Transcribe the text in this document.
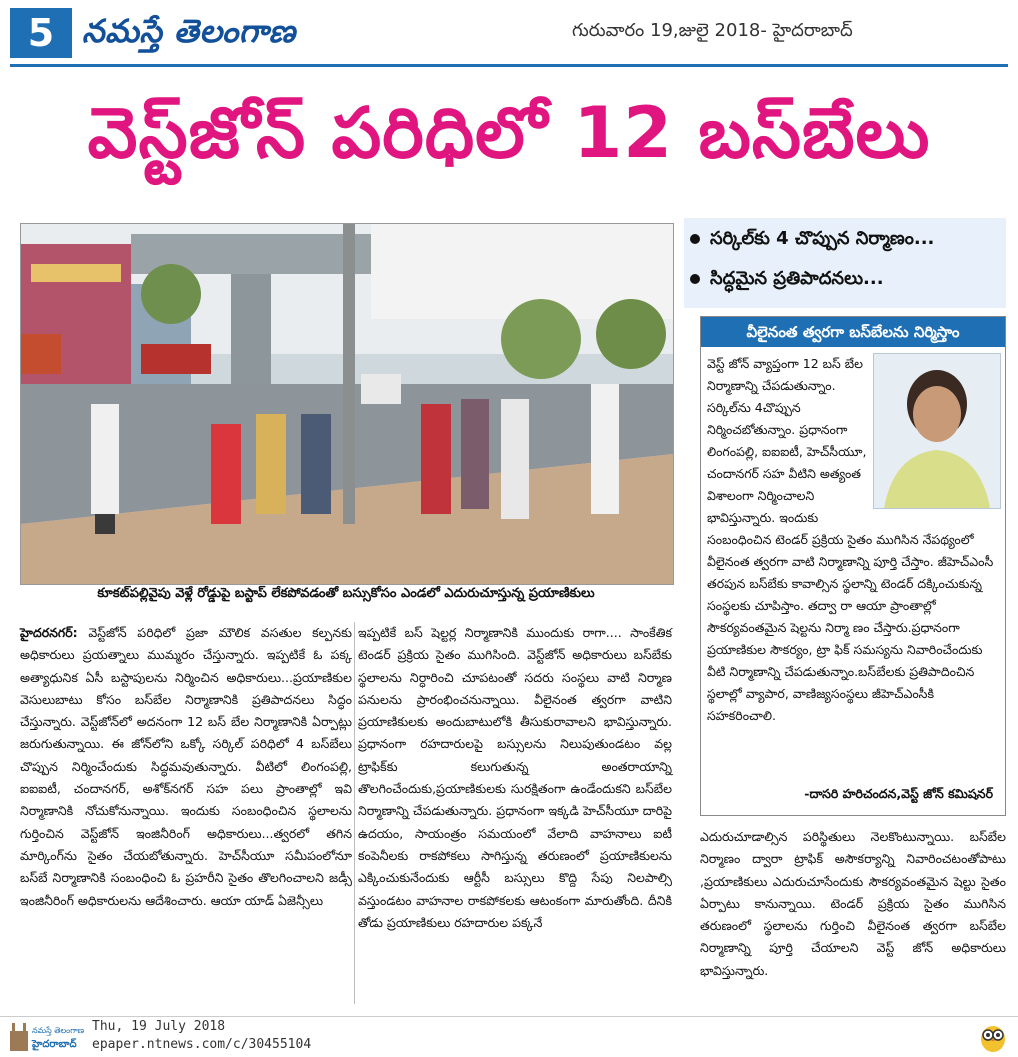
5 నమస్తే తెలంగాణ	గురువారం 19,జులై 2018- హైదరాబాద్
వెస్ట్‌జోన్ పరిధిలో 12 బస్‌బేలు
కూకట్‌పల్లివైపు వెళ్లే రోడ్డుపై బస్టాప్ లేకపోవడంతో బస్సుకోసం ఎండలో ఎదురుచూస్తున్న ప్రయాణికులు
సర్కిల్‌కు 4 చొప్పున నిర్మాణం...
సిద్ధమైన ప్రతిపాదనలు...
వీలైనంత త్వరగా బస్‌బేలను నిర్మిస్తాం
వెస్ట్ జోన్ వ్యాప్తంగా 12 బస్ బేల నిర్మాణాన్ని చేపడుతున్నాం. సర్కిల్‌ను 4చొప్పున నిర్మించబోతున్నాం. ప్రధానంగా లింగంపల్లి, ఐఐఐటీ, హెచ్‌సీయూ, చందానగర్ సహ వీటిని అత్యంత విశాలంగా నిర్మించాలని భావిస్తున్నారు. ఇందుకు సంబంధించిన టెండర్ ప్రక్రియ సైతం ముగిసిన నేపథ్యంలో వీలైనంత త్వరగా వాటి నిర్మాణాన్ని పూర్తి చేస్తాం. జీహెచ్‌ఎంసీ తరపున బస్‌బేకు కావాల్సిన స్థలాన్ని టెండర్ దక్కించుకున్న సంస్థలకు చూపిస్తాం. తద్వా రా ఆయా ప్రాంతాల్లో సౌకర్యవంతమైన షెల్టను నిర్మా ణం చేస్తారు.ప్రధానంగా ప్రయాణికుల సౌకర్యం, ట్రా ఫిక్ సమస్యను నివారించేందుకు వీటి నిర్మాణాన్ని చేపడుతున్నాం.బస్‌బేలకు ప్రతిపాదించిన స్థలాల్లో వ్యాపార, వాణిజ్యసంస్థలు జీహెచ్‌ఎంసీకి సహకరించాలి.
-దాసరి హరిచందన,వెస్ట్ జోన్ కమిషనర్
హైదరనగర్: వెస్ట్‌జోన్ పరిధిలో ప్రజా మౌలిక వసతుల కల్పనకు అధికారులు ప్రయత్నాలు ముమ్మరం చేస్తున్నారు. ఇప్పటికే ఓ పక్క అత్యాధునిక ఏసీ బస్టాపులను నిర్మించిన అధికారులు...ప్రయాణికుల వెసులుబాటు కోసం బస్‌బేల నిర్మాణానికి ప్రతిపాదనలు సిద్ధం చేస్తున్నారు. వెస్ట్‌జోన్‌లో అదనంగా 12 బస్ బేల నిర్మాణానికి ఏర్పాట్లు జరుగుతున్నాయి. ఈ జోన్‌లోని ఒక్కో సర్కిల్ పరిధిలో 4 బస్‌బేలు చొప్పున నిర్మించేందుకు సిద్ధమవుతున్నారు. వీటిలో లింగంపల్లి, ఐఐఐటీ, చందానగర్, అశోక్‌నగర్ సహ పలు ప్రాంతాల్లో ఇవి నిర్మాణానికి నోచుకోనున్నాయి. ఇందుకు సంబంధించిన స్థలాలను గుర్తించిన వెస్ట్‌జోన్ ఇంజినీరింగ్ అధికారులు...త్వరలో తగిన మార్కింగ్‌ను సైతం చేయబోతున్నారు. హెచ్‌సీయూ సమీపంలోనూ బస్‌బే నిర్మాణానికి సంబంధించి ఓ ప్రహరీని సైతం తొలగించాలని జడ్సీ ఇంజినీరింగ్ అధికారులను ఆదేశించారు. ఆయా యాడ్ ఏజెన్సీలు
ఇప్పటికే బస్ షెల్టర్ల నిర్మాణానికి ముందుకు రాగా.... సాంకేతిక టెండర్ ప్రక్రియ సైతం ముగిసింది. వెస్ట్‌జోన్ అధికారులు బస్‌బేకు స్థలాలను నిర్ధారించి చూపటంతో సదరు సంస్థలు వాటి నిర్మాణ పనులను ప్రారంభించనున్నాయి. వీలైనంత త్వరగా వాటిని ప్రయాణికులకు అందుబాటులోకి తీసుకురావాలని భావిస్తున్నారు. ప్రధానంగా రహదారులపై బస్సులను నిలుపుతుండటం వల్ల ట్రాఫిక్‌కు కలుగుతున్న అంతరాయాన్ని తొలగించేందుకు,ప్రయాణికులకు సురక్షితంగా ఉండేందుకని బస్‌బేల నిర్మాణాన్ని చేపడుతున్నారు. ప్రధానంగా ఇక్కడి హెచ్‌సీయూ దారిపై ఉదయం, సాయంత్రం సమయంలో వేలాది వాహనాలు ఐటీ కంపెనీలకు రాకపోకలు సాగిస్తున్న తరుణంలో ప్రయాణికులను ఎక్కించుకునేందుకు ఆర్టీసీ బస్సులు కొద్ది సేపు నిలపాల్సి వస్తుండటం వాహనాల రాకపోకలకు ఆటంకంగా మారుతోంది. దీనికి తోడు ప్రయాణికులు రహదారుల పక్కనే
ఎదురుచూడాల్సిన పరిస్థితులు నెలకొంటున్నాయి. బస్‌బేల నిర్మాణం ద్వారా ట్రాఫిక్ అసౌకర్యాన్ని నివారించటంతోపాటు ,ప్రయాణికులు ఎదురుచూసేందుకు సౌకర్యవంతమైన షెల్టు సైతం ఏర్పాటు కానున్నాయి. టెండర్ ప్రక్రియ సైతం ముగిసిన తరుణంలో స్థలాలను గుర్తించి వీలైనంత త్వరగా బస్‌బేల నిర్మాణాన్ని పూర్తి చేయాలని వెస్ట్ జోన్ అధికారులు భావిస్తున్నారు.
నమస్తే తెలంగాణ
హైదరాబాద్
Thu, 19 July 2018
epaper.ntnews.com/c/30455104
